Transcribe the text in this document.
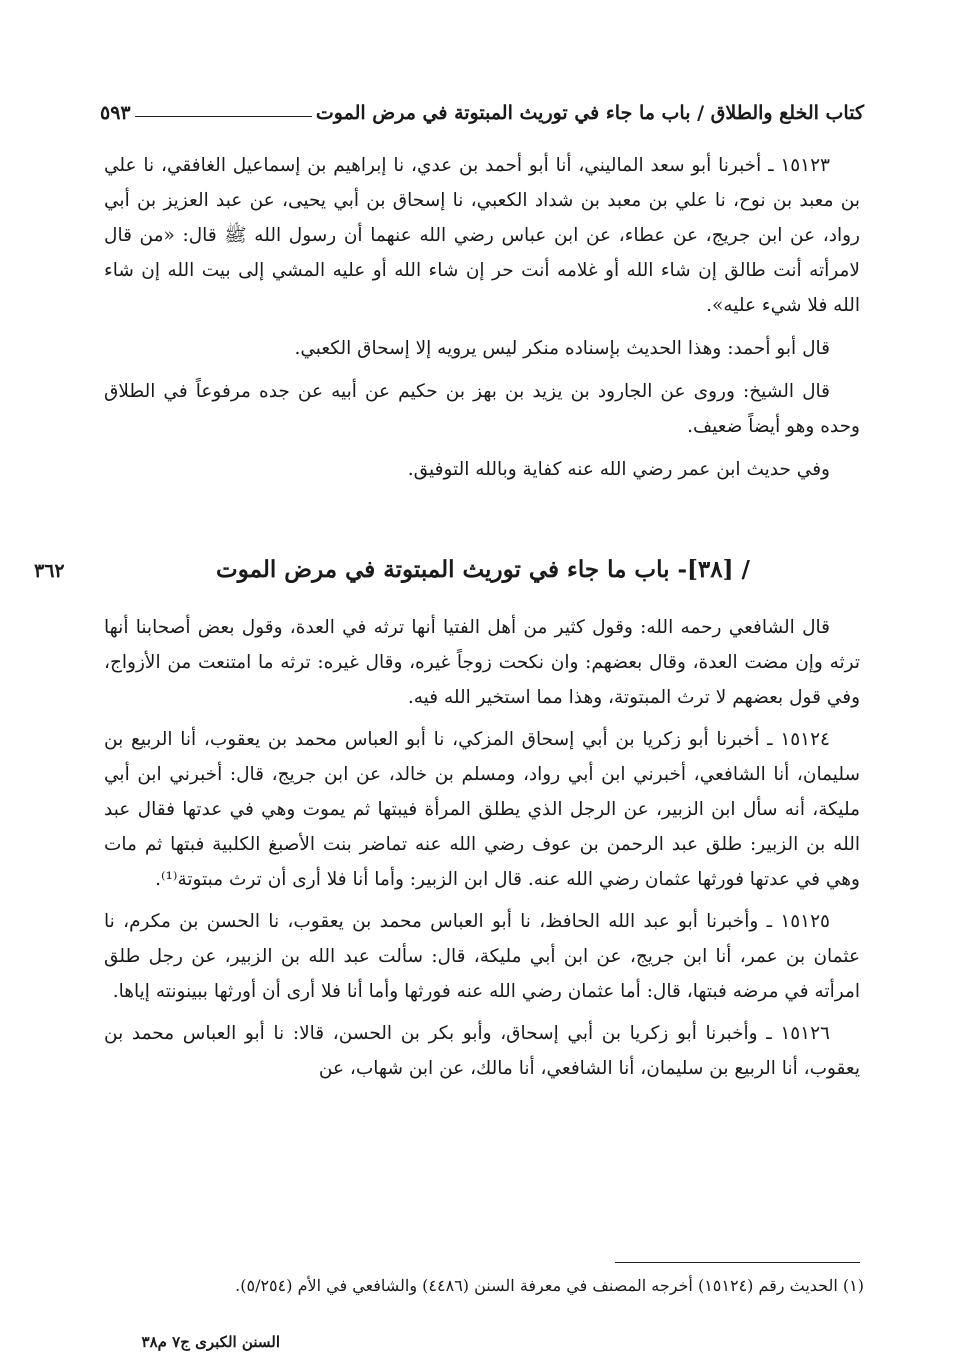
كتاب الخلع والطلاق / باب ما جاء في توريث المبتوتة في مرض الموت
٥٩٣

١٥١٢٣ ـ أخبرنا أبو سعد الماليني، أنا أبو أحمد بن عدي، نا إبراهيم بن إسماعيل الغافقي، نا علي بن معبد بن نوح، نا علي بن معبد بن شداد الكعبي، نا إسحاق بن أبي يحيى، عن عبد العزيز بن أبي رواد، عن ابن جريج، عن عطاء، عن ابن عباس رضي الله عنهما أن رسول الله ﷺ قال: «من قال لامرأته أنت طالق إن شاء الله أو غلامه أنت حر إن شاء الله أو عليه المشي إلى بيت الله إن شاء الله فلا شيء عليه».

قال أبو أحمد: وهذا الحديث بإسناده منكر ليس يرويه إلا إسحاق الكعبي.

قال الشيخ: وروى عن الجارود بن يزيد بن بهز بن حكيم عن أبيه عن جده مرفوعاً في الطلاق وحده وهو أيضاً ضعيف.

وفي حديث ابن عمر رضي الله عنه كفاية وبالله التوفيق.

/ [٣٨]- باب ما جاء في توريث المبتوتة في مرض الموت
٣٦٢

قال الشافعي رحمه الله: وقول كثير من أهل الفتيا أنها ترثه في العدة، وقول بعض أصحابنا أنها ترثه وإن مضت العدة، وقال بعضهم: وان نكحت زوجاً غيره، وقال غيره: ترثه ما امتنعت من الأزواج، وفي قول بعضهم لا ترث المبتوتة، وهذا مما استخير الله فيه.

١٥١٢٤ ـ أخبرنا أبو زكريا بن أبي إسحاق المزكي، نا أبو العباس محمد بن يعقوب، أنا الربيع بن سليمان، أنا الشافعي، أخبرني ابن أبي رواد، ومسلم بن خالد، عن ابن جريج، قال: أخبرني ابن أبي مليكة، أنه سأل ابن الزبير، عن الرجل الذي يطلق المرأة فيبتها ثم يموت وهي في عدتها فقال عبد الله بن الزبير: طلق عبد الرحمن بن عوف رضي الله عنه تماضر بنت الأصبغ الكلبية فبتها ثم مات وهي في عدتها فورثها عثمان رضي الله عنه. قال ابن الزبير: وأما أنا فلا أرى أن ترث مبتوتة⁽¹⁾.

١٥١٢٥ ـ وأخبرنا أبو عبد الله الحافظ، نا أبو العباس محمد بن يعقوب، نا الحسن بن مكرم، نا عثمان بن عمر، أنا ابن جريج، عن ابن أبي مليكة، قال: سألت عبد الله بن الزبير، عن رجل طلق امرأته في مرضه فبتها، قال: أما عثمان رضي الله عنه فورثها وأما أنا فلا أرى أن أورثها ببينونته إياها.

١٥١٢٦ ـ وأخبرنا أبو زكريا بن أبي إسحاق، وأبو بكر بن الحسن، قالا: نا أبو العباس محمد بن يعقوب، أنا الربيع بن سليمان، أنا الشافعي، أنا مالك، عن ابن شهاب، عن

(١) الحديث رقم (١٥١٢٤) أخرجه المصنف في معرفة السنن (٤٤٨٦) والشافعي في الأم (٥/٢٥٤).
السنن الكبرى ج٧ م٣٨
